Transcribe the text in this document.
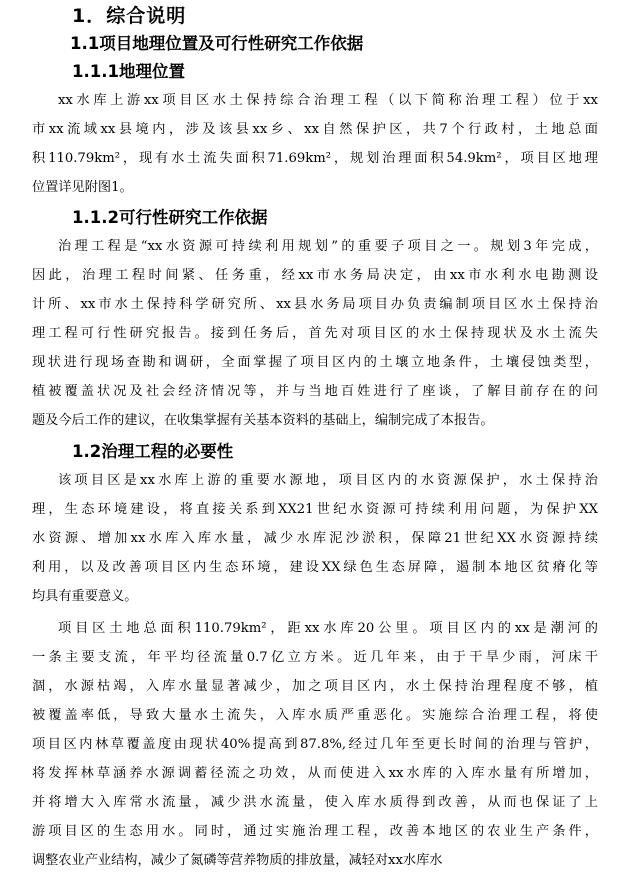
1．综合说明
1.1项目地理位置及可行性研究工作依据
1.1.1地理位置
xx水库上游xx项目区水土保持综合治理工程（以下简称治理工程）位于xx
市xx流域xx县境内，涉及该县xx乡、xx自然保护区，共7个行政村，土地总面
积110.79km²，现有水土流失面积71.69km²，规划治理面积54.9km²，项目区地理
位置详见附图1。
1.1.2可行性研究工作依据
治理工程是“xx水资源可持续利用规划”的重要子项目之一。规划3年完成，
因此，治理工程时间紧、任务重，经xx市水务局决定，由xx市水利水电勘测设
计所、xx市水土保持科学研究所、xx县水务局项目办负责编制项目区水土保持治
理工程可行性研究报告。接到任务后，首先对项目区的水土保持现状及水土流失
现状进行现场查勘和调研，全面掌握了项目区内的土壤立地条件，土壤侵蚀类型，
植被覆盖状况及社会经济情况等，并与当地百姓进行了座谈，了解目前存在的问
题及今后工作的建议，在收集掌握有关基本资料的基础上，编制完成了本报告。
1.2治理工程的必要性
该项目区是xx水库上游的重要水源地，项目区内的水资源保护，水土保持治
理，生态环境建设，将直接关系到XX21世纪水资源可持续利用问题，为保护XX
水资源、增加xx水库入库水量，减少水库泥沙淤积，保障21世纪XX水资源持续
利用，以及改善项目区内生态环境，建设XX绿色生态屏障，遏制本地区贫瘠化等
均具有重要意义。
项目区土地总面积110.79km²，距xx水库20公里。项目区内的xx是潮河的
一条主要支流，年平均径流量0.7亿立方米。近几年来，由于干旱少雨，河床干
涸，水源枯竭，入库水量显著减少，加之项目区内，水土保持治理程度不够，植
被覆盖率低，导致大量水土流失，入库水质严重恶化。实施综合治理工程，将使
项目区内林草覆盖度由现状40%提高到87.8%,经过几年至更长时间的治理与管护，
将发挥林草涵养水源调蓄径流之功效，从而使进入xx水库的入库水量有所增加，
并将增大入库常水流量，减少洪水流量，使入库水质得到改善，从而也保证了上
游项目区的生态用水。同时，通过实施治理工程，改善本地区的农业生产条件，
调整农业产业结构，减少了氮磷等营养物质的排放量，减轻对xx水库水
